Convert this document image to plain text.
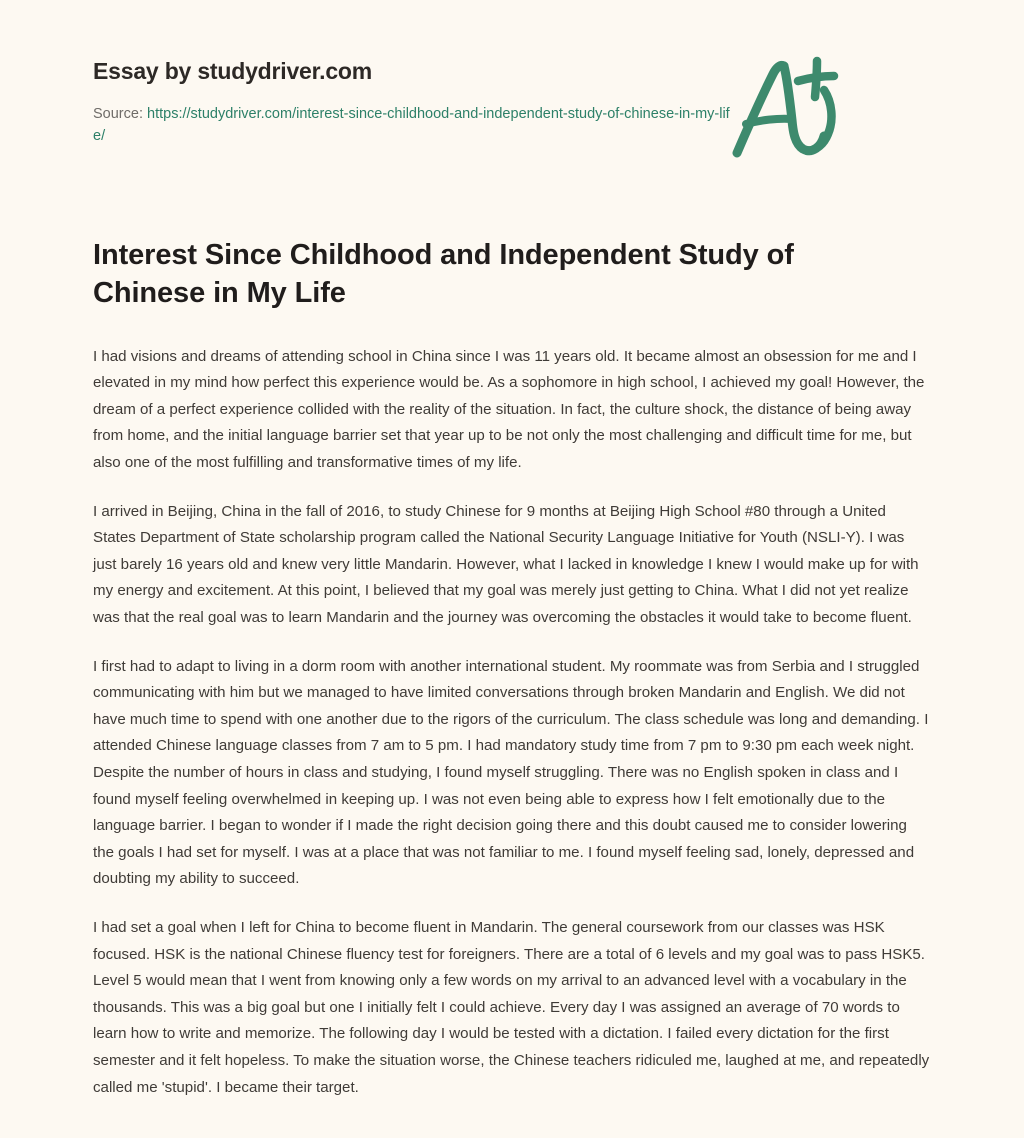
Essay by studydriver.com
Source: https://studydriver.com/interest-since-childhood-and-independent-study-of-chinese-in-my-life/
Interest Since Childhood and Independent Study of Chinese in My Life

I had visions and dreams of attending school in China since I was 11 years old. It became almost an obsession for me and I elevated in my mind how perfect this experience would be. As a sophomore in high school, I achieved my goal! However, the dream of a perfect experience collided with the reality of the situation. In fact, the culture shock, the distance of being away from home, and the initial language barrier set that year up to be not only the most challenging and difficult time for me, but also one of the most fulfilling and transformative times of my life.

I arrived in Beijing, China in the fall of 2016, to study Chinese for 9 months at Beijing High School #80 through a United States Department of State scholarship program called the National Security Language Initiative for Youth (NSLI-Y). I was just barely 16 years old and knew very little Mandarin. However, what I lacked in knowledge I knew I would make up for with my energy and excitement. At this point, I believed that my goal was merely just getting to China. What I did not yet realize was that the real goal was to learn Mandarin and the journey was overcoming the obstacles it would take to become fluent.

I first had to adapt to living in a dorm room with another international student. My roommate was from Serbia and I struggled communicating with him but we managed to have limited conversations through broken Mandarin and English. We did not have much time to spend with one another due to the rigors of the curriculum. The class schedule was long and demanding. I attended Chinese language classes from 7 am to 5 pm. I had mandatory study time from 7 pm to 9:30 pm each week night. Despite the number of hours in class and studying, I found myself struggling. There was no English spoken in class and I found myself feeling overwhelmed in keeping up. I was not even being able to express how I felt emotionally due to the language barrier. I began to wonder if I made the right decision going there and this doubt caused me to consider lowering the goals I had set for myself. I was at a place that was not familiar to me. I found myself feeling sad, lonely, depressed and doubting my ability to succeed.

I had set a goal when I left for China to become fluent in Mandarin. The general coursework from our classes was HSK focused. HSK is the national Chinese fluency test for foreigners. There are a total of 6 levels and my goal was to pass HSK5. Level 5 would mean that I went from knowing only a few words on my arrival to an advanced level with a vocabulary in the thousands. This was a big goal but one I initially felt I could achieve. Every day I was assigned an average of 70 words to learn how to write and memorize. The following day I would be tested with a dictation. I failed every dictation for the first semester and it felt hopeless. To make the situation worse, the Chinese teachers ridiculed me, laughed at me, and repeatedly called me 'stupid'. I became their target.
